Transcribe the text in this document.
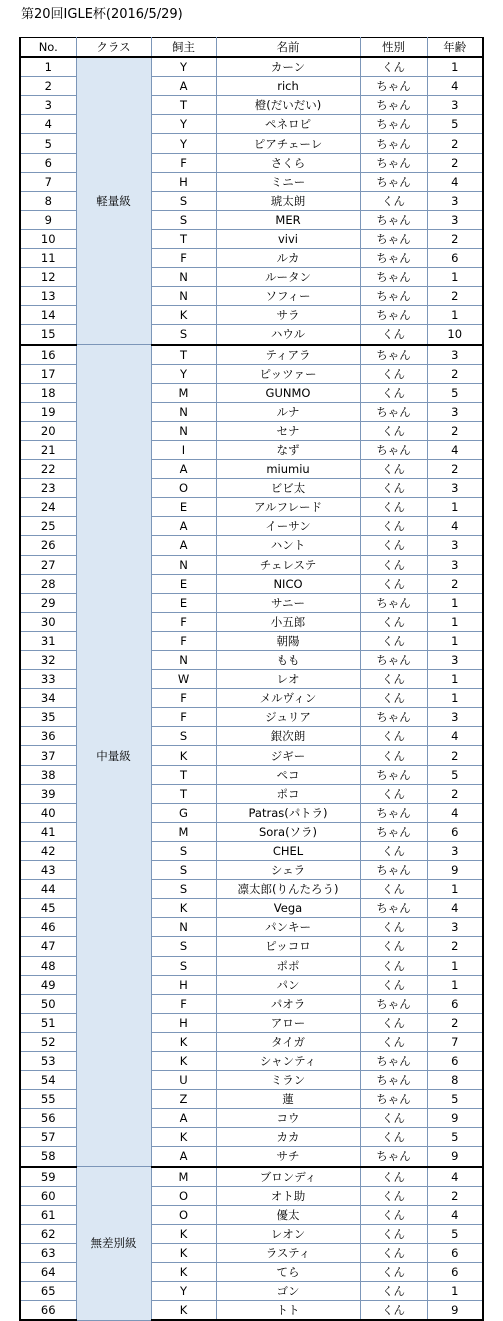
第20回IGLE杯(2016/5/29)
No.	クラス	飼主	名前	性別	年齢
1	軽量級	Y	カーン	くん	1
2		A	rich	ちゃん	4
3		T	橙(だいだい)	ちゃん	3
4		Y	ペネロピ	ちゃん	5
5		Y	ピアチェーレ	ちゃん	2
6		F	さくら	ちゃん	2
7		H	ミニー	ちゃん	4
8		S	琥太朗	くん	3
9		S	MER	ちゃん	3
10		T	vivi	ちゃん	2
11		F	ルカ	ちゃん	6
12		N	ルータン	ちゃん	1
13		N	ソフィー	ちゃん	2
14		K	サラ	ちゃん	1
15		S	ハウル	くん	10
16	中量級	T	ティアラ	ちゃん	3
17		Y	ピッツァー	くん	2
18		M	GUNMO	くん	5
19		N	ルナ	ちゃん	3
20		N	セナ	くん	2
21		I	なず	ちゃん	4
22		A	miumiu	くん	2
23		O	ビビ太	くん	3
24		E	アルフレード	くん	1
25		A	イーサン	くん	4
26		A	ハント	くん	3
27		N	チェレステ	くん	3
28		E	NICO	くん	2
29		E	サニー	ちゃん	1
30		F	小五郎	くん	1
31		F	朝陽	くん	1
32		N	もも	ちゃん	3
33		W	レオ	くん	1
34		F	メルヴィン	くん	1
35		F	ジュリア	ちゃん	3
36		S	銀次朗	くん	4
37		K	ジギー	くん	2
38		T	ペコ	ちゃん	5
39		T	ポコ	くん	2
40		G	Patras(パトラ)	ちゃん	4
41		M	Sora(ソラ)	ちゃん	6
42		S	CHEL	くん	3
43		S	シェラ	ちゃん	9
44		S	凛太郎(りんたろう)	くん	1
45		K	Vega	ちゃん	4
46		N	パンキー	くん	3
47		S	ピッコロ	くん	2
48		S	ポポ	くん	1
49		H	パン	くん	1
50		F	パオラ	ちゃん	6
51		H	アロー	くん	2
52		K	タイガ	くん	7
53		K	シャンティ	ちゃん	6
54		U	ミラン	ちゃん	8
55		Z	蓮	ちゃん	5
56		A	コウ	くん	9
57		K	カカ	くん	5
58		A	サチ	ちゃん	9
59	無差別級	M	ブロンディ	くん	4
60		O	オト助	くん	2
61		O	優太	くん	4
62		K	レオン	くん	5
63		K	ラスティ	くん	6
64		K	てら	くん	6
65		Y	ゴン	くん	1
66		K	トト	くん	9
